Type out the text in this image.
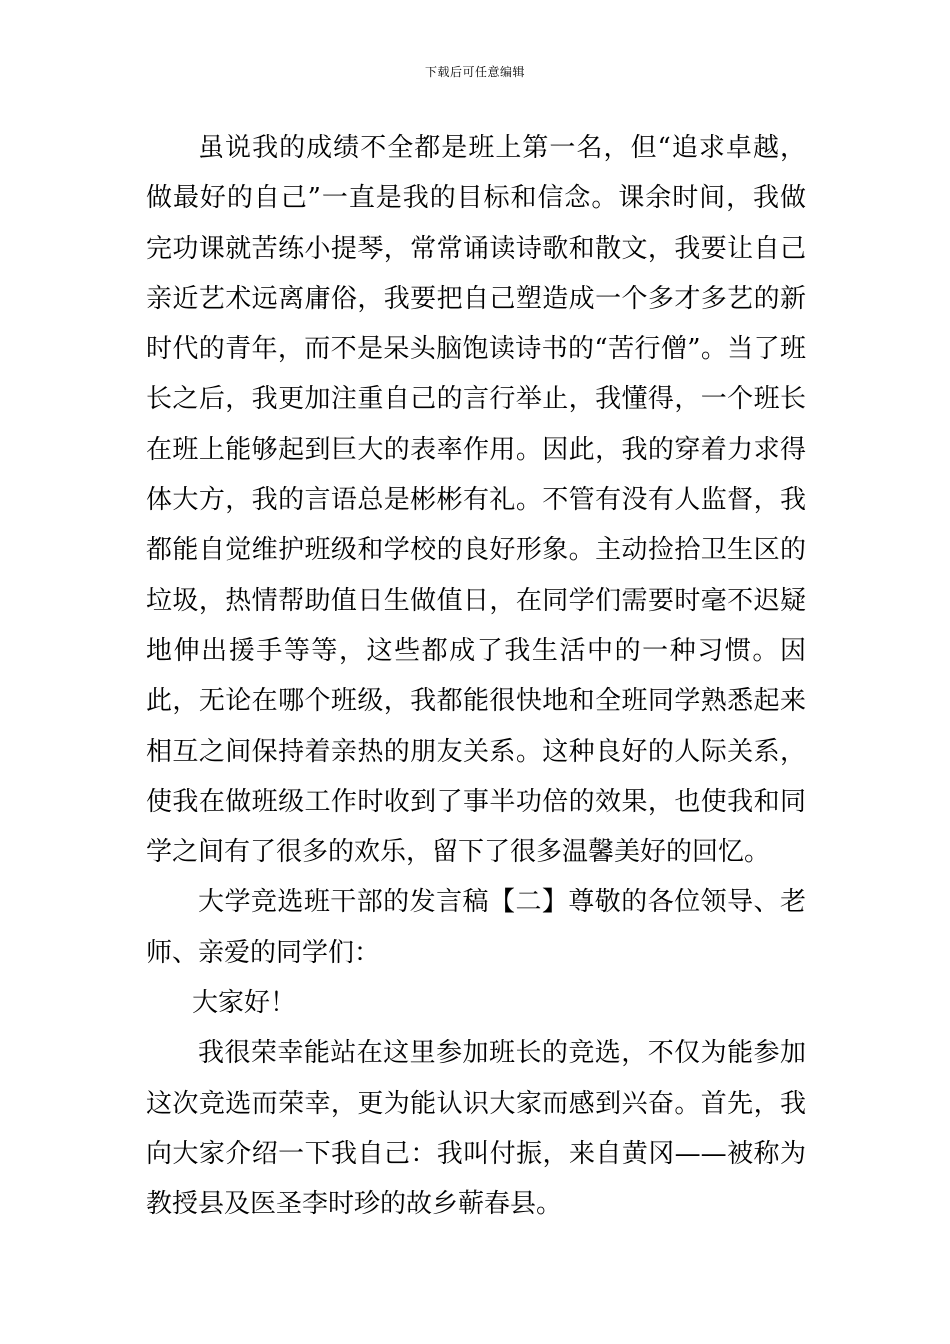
下载后可任意编辑

虽说我的成绩不全都是班上第一名，但“追求卓越，做最好的自己”一直是我的目标和信念。课余时间，我做完功课就苦练小提琴，常常诵读诗歌和散文，我要让自己亲近艺术远离庸俗，我要把自己塑造成一个多才多艺的新时代的青年，而不是呆头脑饱读诗书的“苦行僧”。当了班长之后，我更加注重自己的言行举止，我懂得，一个班长在班上能够起到巨大的表率作用。因此，我的穿着力求得体大方，我的言语总是彬彬有礼。不管有没有人监督，我都能自觉维护班级和学校的良好形象。主动捡拾卫生区的垃圾，热情帮助值日生做值日，在同学们需要时毫不迟疑地伸出援手等等，这些都成了我生活中的一种习惯。因此，无论在哪个班级，我都能很快地和全班同学熟悉起来相互之间保持着亲热的朋友关系。这种良好的人际关系，使我在做班级工作时收到了事半功倍的效果，也使我和同学之间有了很多的欢乐，留下了很多温馨美好的回忆。

大学竞选班干部的发言稿【二】尊敬的各位领导、老师、亲爱的同学们：

大家好！

我很荣幸能站在这里参加班长的竞选，不仅为能参加这次竞选而荣幸，更为能认识大家而感到兴奋。首先，我向大家介绍一下我自己：我叫付振，来自黄冈——被称为教授县及医圣李时珍的故乡蕲春县。
